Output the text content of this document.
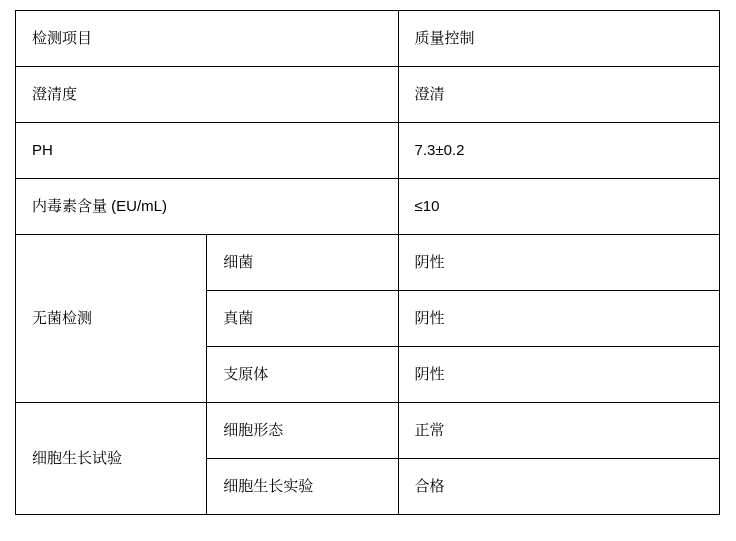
检测项目		质量控制

澄清度		澄清

PH		7.3±0.2

内毒素含量 (EU/mL)		≤10

无菌检测	细菌	阴性

	真菌	阴性

	支原体	阴性

细胞生长试验	细胞形态	正常

	细胞生长实验	合格
